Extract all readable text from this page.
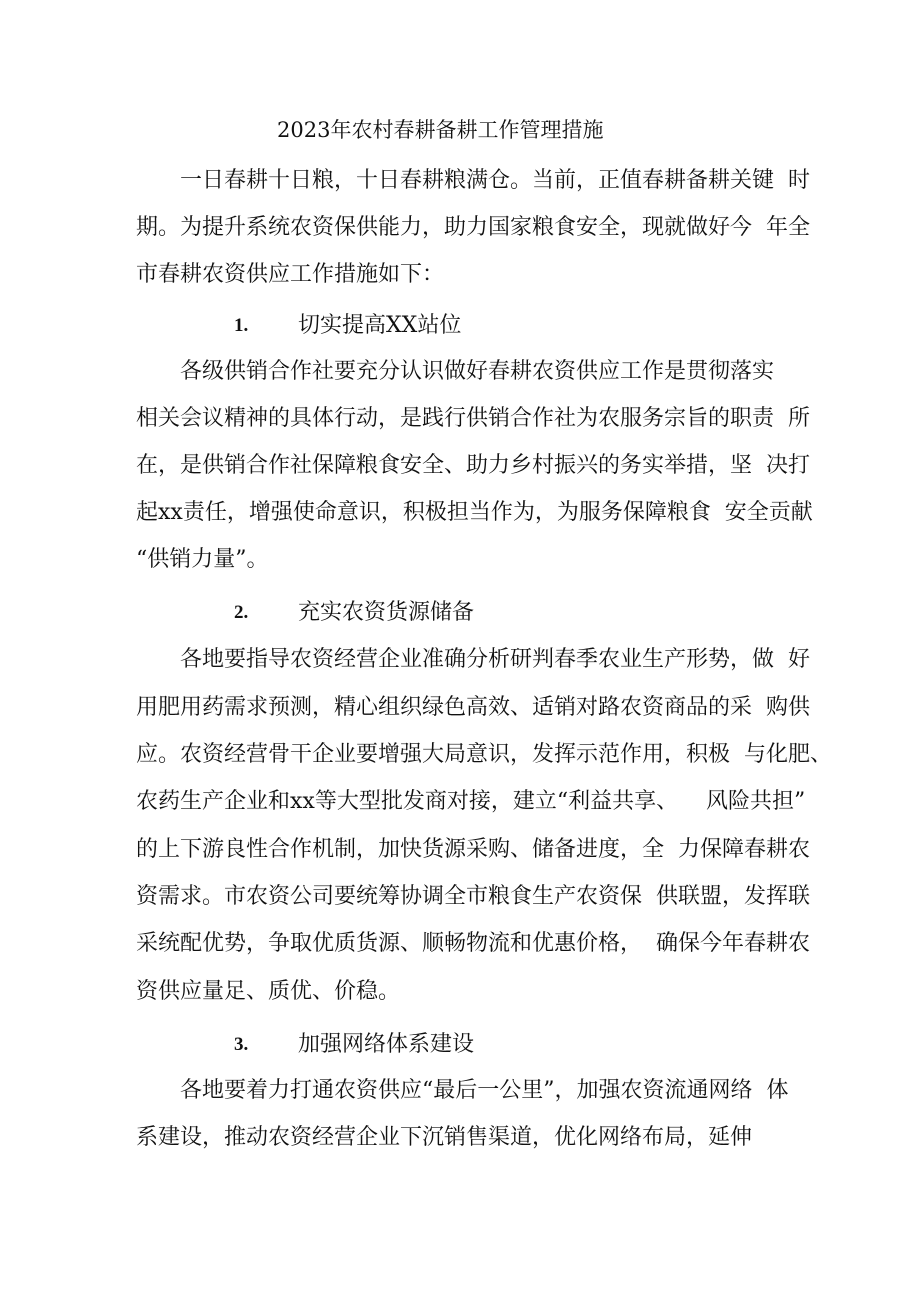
2023年农村春耕备耕工作管理措施
一日春耕十日粮，十日春耕粮满仓。当前，正值春耕备耕关键  时
期。为提升系统农资保供能力，助力国家粮食安全，现就做好今  年全
市春耕农资供应工作措施如下：
1. 切实提高XX站位
各级供销合作社要充分认识做好春耕农资供应工作是贯彻落实
相关会议精神的具体行动，是践行供销合作社为农服务宗旨的职责  所
在，是供销合作社保障粮食安全、助力乡村振兴的务实举措，坚  决打
起xx责任，增强使命意识，积极担当作为，为服务保障粮食  安全贡献
“供销力量”。
2. 充实农资货源储备
各地要指导农资经营企业准确分析研判春季农业生产形势，做  好
用肥用药需求预测，精心组织绿色高效、适销对路农资商品的采  购供
应。农资经营骨干企业要增强大局意识，发挥示范作用，积极  与化肥、
农药生产企业和xx等大型批发商对接，建立“利益共享、    风险共担”
的上下游良性合作机制，加快货源采购、储备进度，全  力保障春耕农
资需求。市农资公司要统筹协调全市粮食生产农资保  供联盟，发挥联
采统配优势，争取优质货源、顺畅物流和优惠价格，  确保今年春耕农
资供应量足、质优、价稳。
3. 加强网络体系建设
各地要着力打通农资供应“最后一公里”，加强农资流通网络  体
系建设，推动农资经营企业下沉销售渠道，优化网络布局，延伸
